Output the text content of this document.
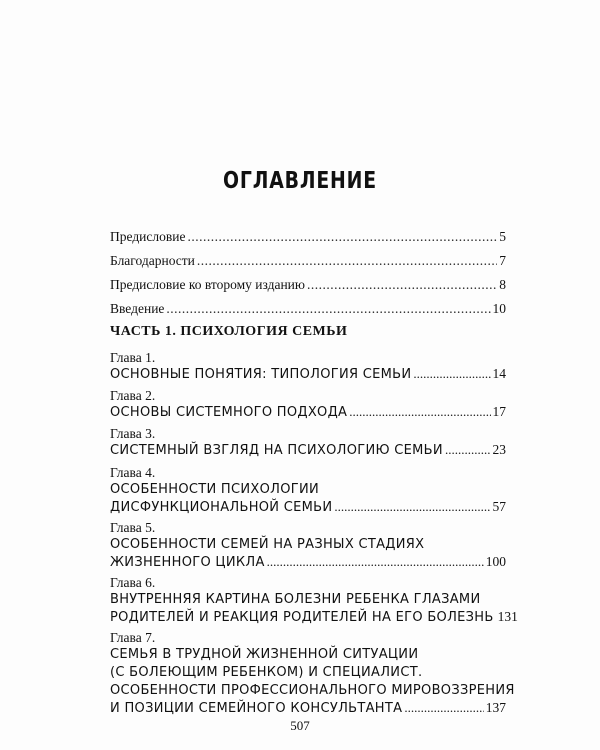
ОГЛАВЛЕНИЕ
Предисловие .....	5
Благодарности .....	7
Предисловие ко второму изданию .....	8
Введение .....	10
ЧАСТЬ 1. ПСИХОЛОГИЯ СЕМЬИ
Глава 1.
ОСНОВНЫЕ ПОНЯТИЯ: ТИПОЛОГИЯ СЕМЬИ .....	14
Глава 2.
ОСНОВЫ СИСТЕМНОГО ПОДХОДА .....	17
Глава 3.
СИСТЕМНЫЙ ВЗГЛЯД НА ПСИХОЛОГИЮ СЕМЬИ .....	23
Глава 4.
ОСОБЕННОСТИ ПСИХОЛОГИИ
ДИСФУНКЦИОНАЛЬНОЙ СЕМЬИ .....	57
Глава 5.
ОСОБЕННОСТИ СЕМЕЙ НА РАЗНЫХ СТАДИЯХ
ЖИЗНЕННОГО ЦИКЛА .....	100
Глава 6.
ВНУТРЕННЯЯ КАРТИНА БОЛЕЗНИ РЕБЕНКА ГЛАЗАМИ
РОДИТЕЛЕЙ И РЕАКЦИЯ РОДИТЕЛЕЙ НА ЕГО БОЛЕЗНЬ 131
Глава 7.
СЕМЬЯ В ТРУДНОЙ ЖИЗНЕННОЙ СИТУАЦИИ
(С БОЛЕЮЩИМ РЕБЕНКОМ) И СПЕЦИАЛИСТ.
ОСОБЕННОСТИ ПРОФЕССИОНАЛЬНОГО МИРОВОЗЗРЕНИЯ
И ПОЗИЦИИ СЕМЕЙНОГО КОНСУЛЬТАНТА .....	137
507
